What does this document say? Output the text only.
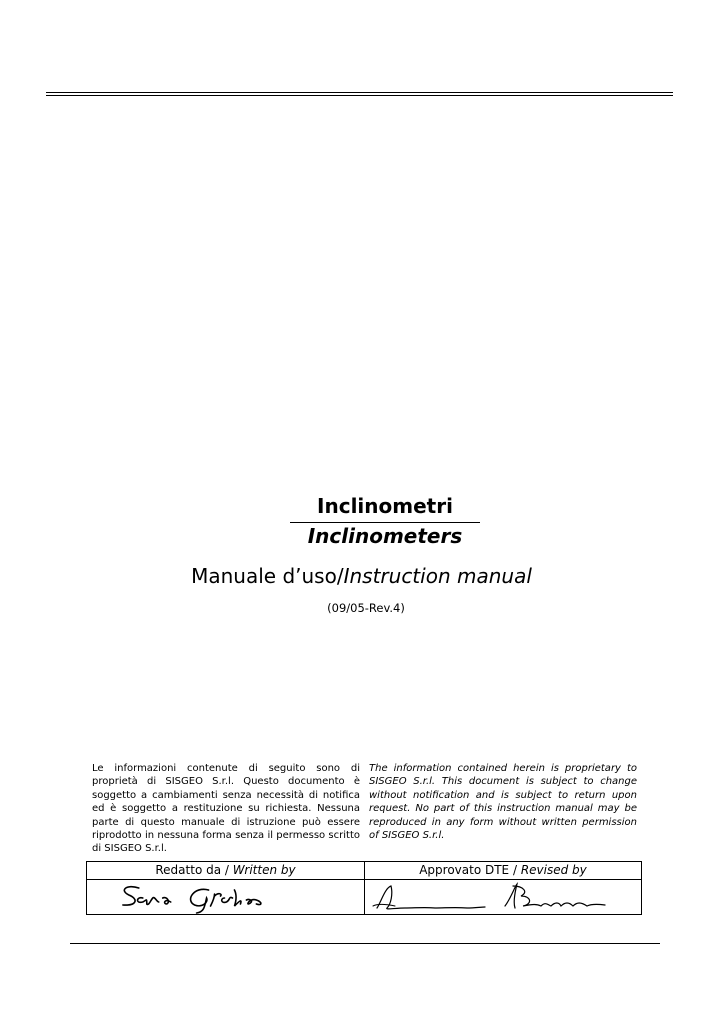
Inclinometri
Inclinometers
Manuale d’uso/Instruction manual
(09/05-Rev.4)
Le informazioni contenute di seguito sono di proprietà di SISGEO S.r.l. Questo documento è soggetto a cambiamenti senza necessità di notifica ed è soggetto a restituzione su richiesta. Nessuna parte di questo manuale di istruzione può essere riprodotto in nessuna forma senza il permesso scritto di SISGEO S.r.l.
The information contained herein is proprietary to SISGEO S.r.l. This document is subject to change without notification and is subject to return upon request. No part of this instruction manual may be reproduced in any form without written permission of SISGEO S.r.l.
Redatto da / Written by	Approvato DTE / Revised by
